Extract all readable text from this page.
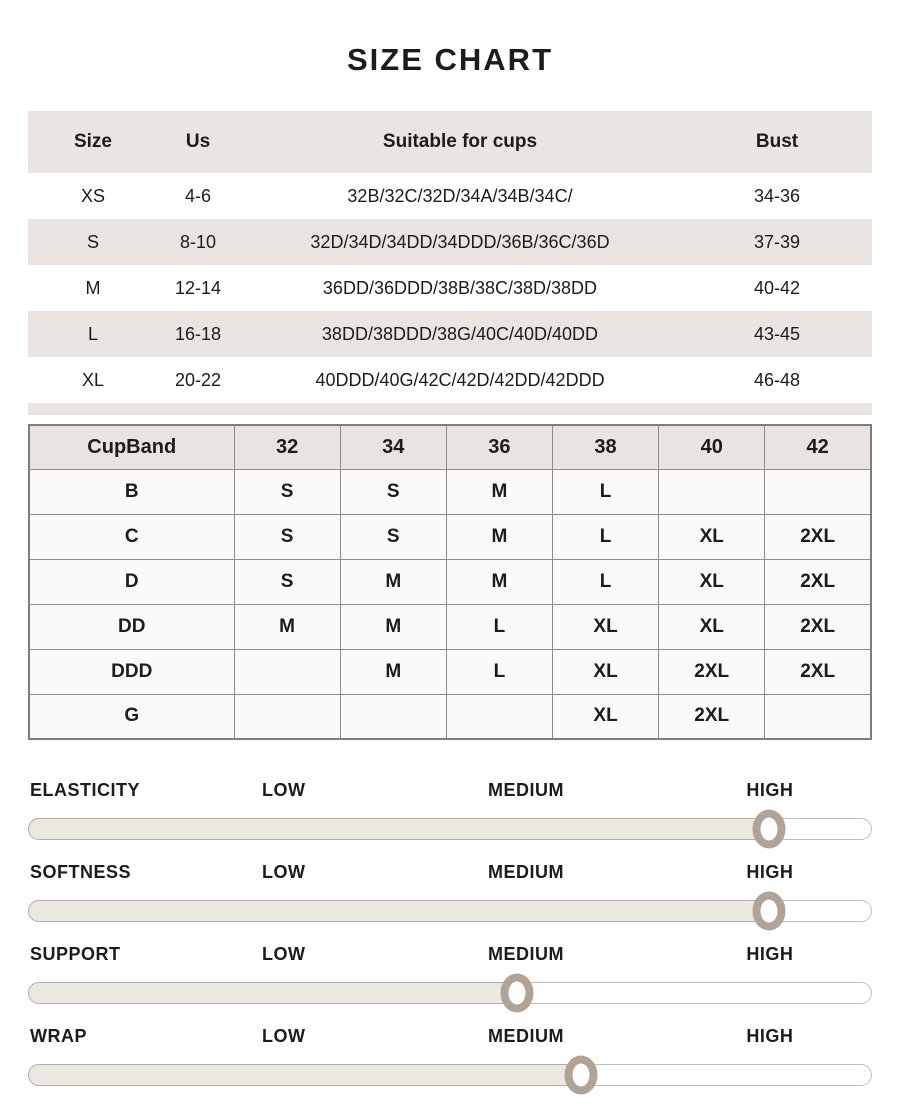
SIZE CHART
Size	Us	Suitable for cups	Bust
XS	4-6	32B/32C/32D/34A/34B/34C/	34-36
S	8-10	32D/34D/34DD/34DDD/36B/36C/36D	37-39
M	12-14	36DD/36DDD/38B/38C/38D/38DD	40-42
L	16-18	38DD/38DDD/38G/40C/40D/40DD	43-45
XL	20-22	40DDD/40G/42C/42D/42DD/42DDD	46-48
CupBand	32	34	36	38	40	42
B	S	S	M	L		
C	S	S	M	L	XL	2XL
D	S	M	M	L	XL	2XL
DD	M	M	L	XL	XL	2XL
DDD		M	L	XL	2XL	2XL
G				XL	2XL	
ELASTICITY	LOW	MEDIUM	HIGH
SOFTNESS	LOW	MEDIUM	HIGH
SUPPORT	LOW	MEDIUM	HIGH
WRAP	LOW	MEDIUM	HIGH
